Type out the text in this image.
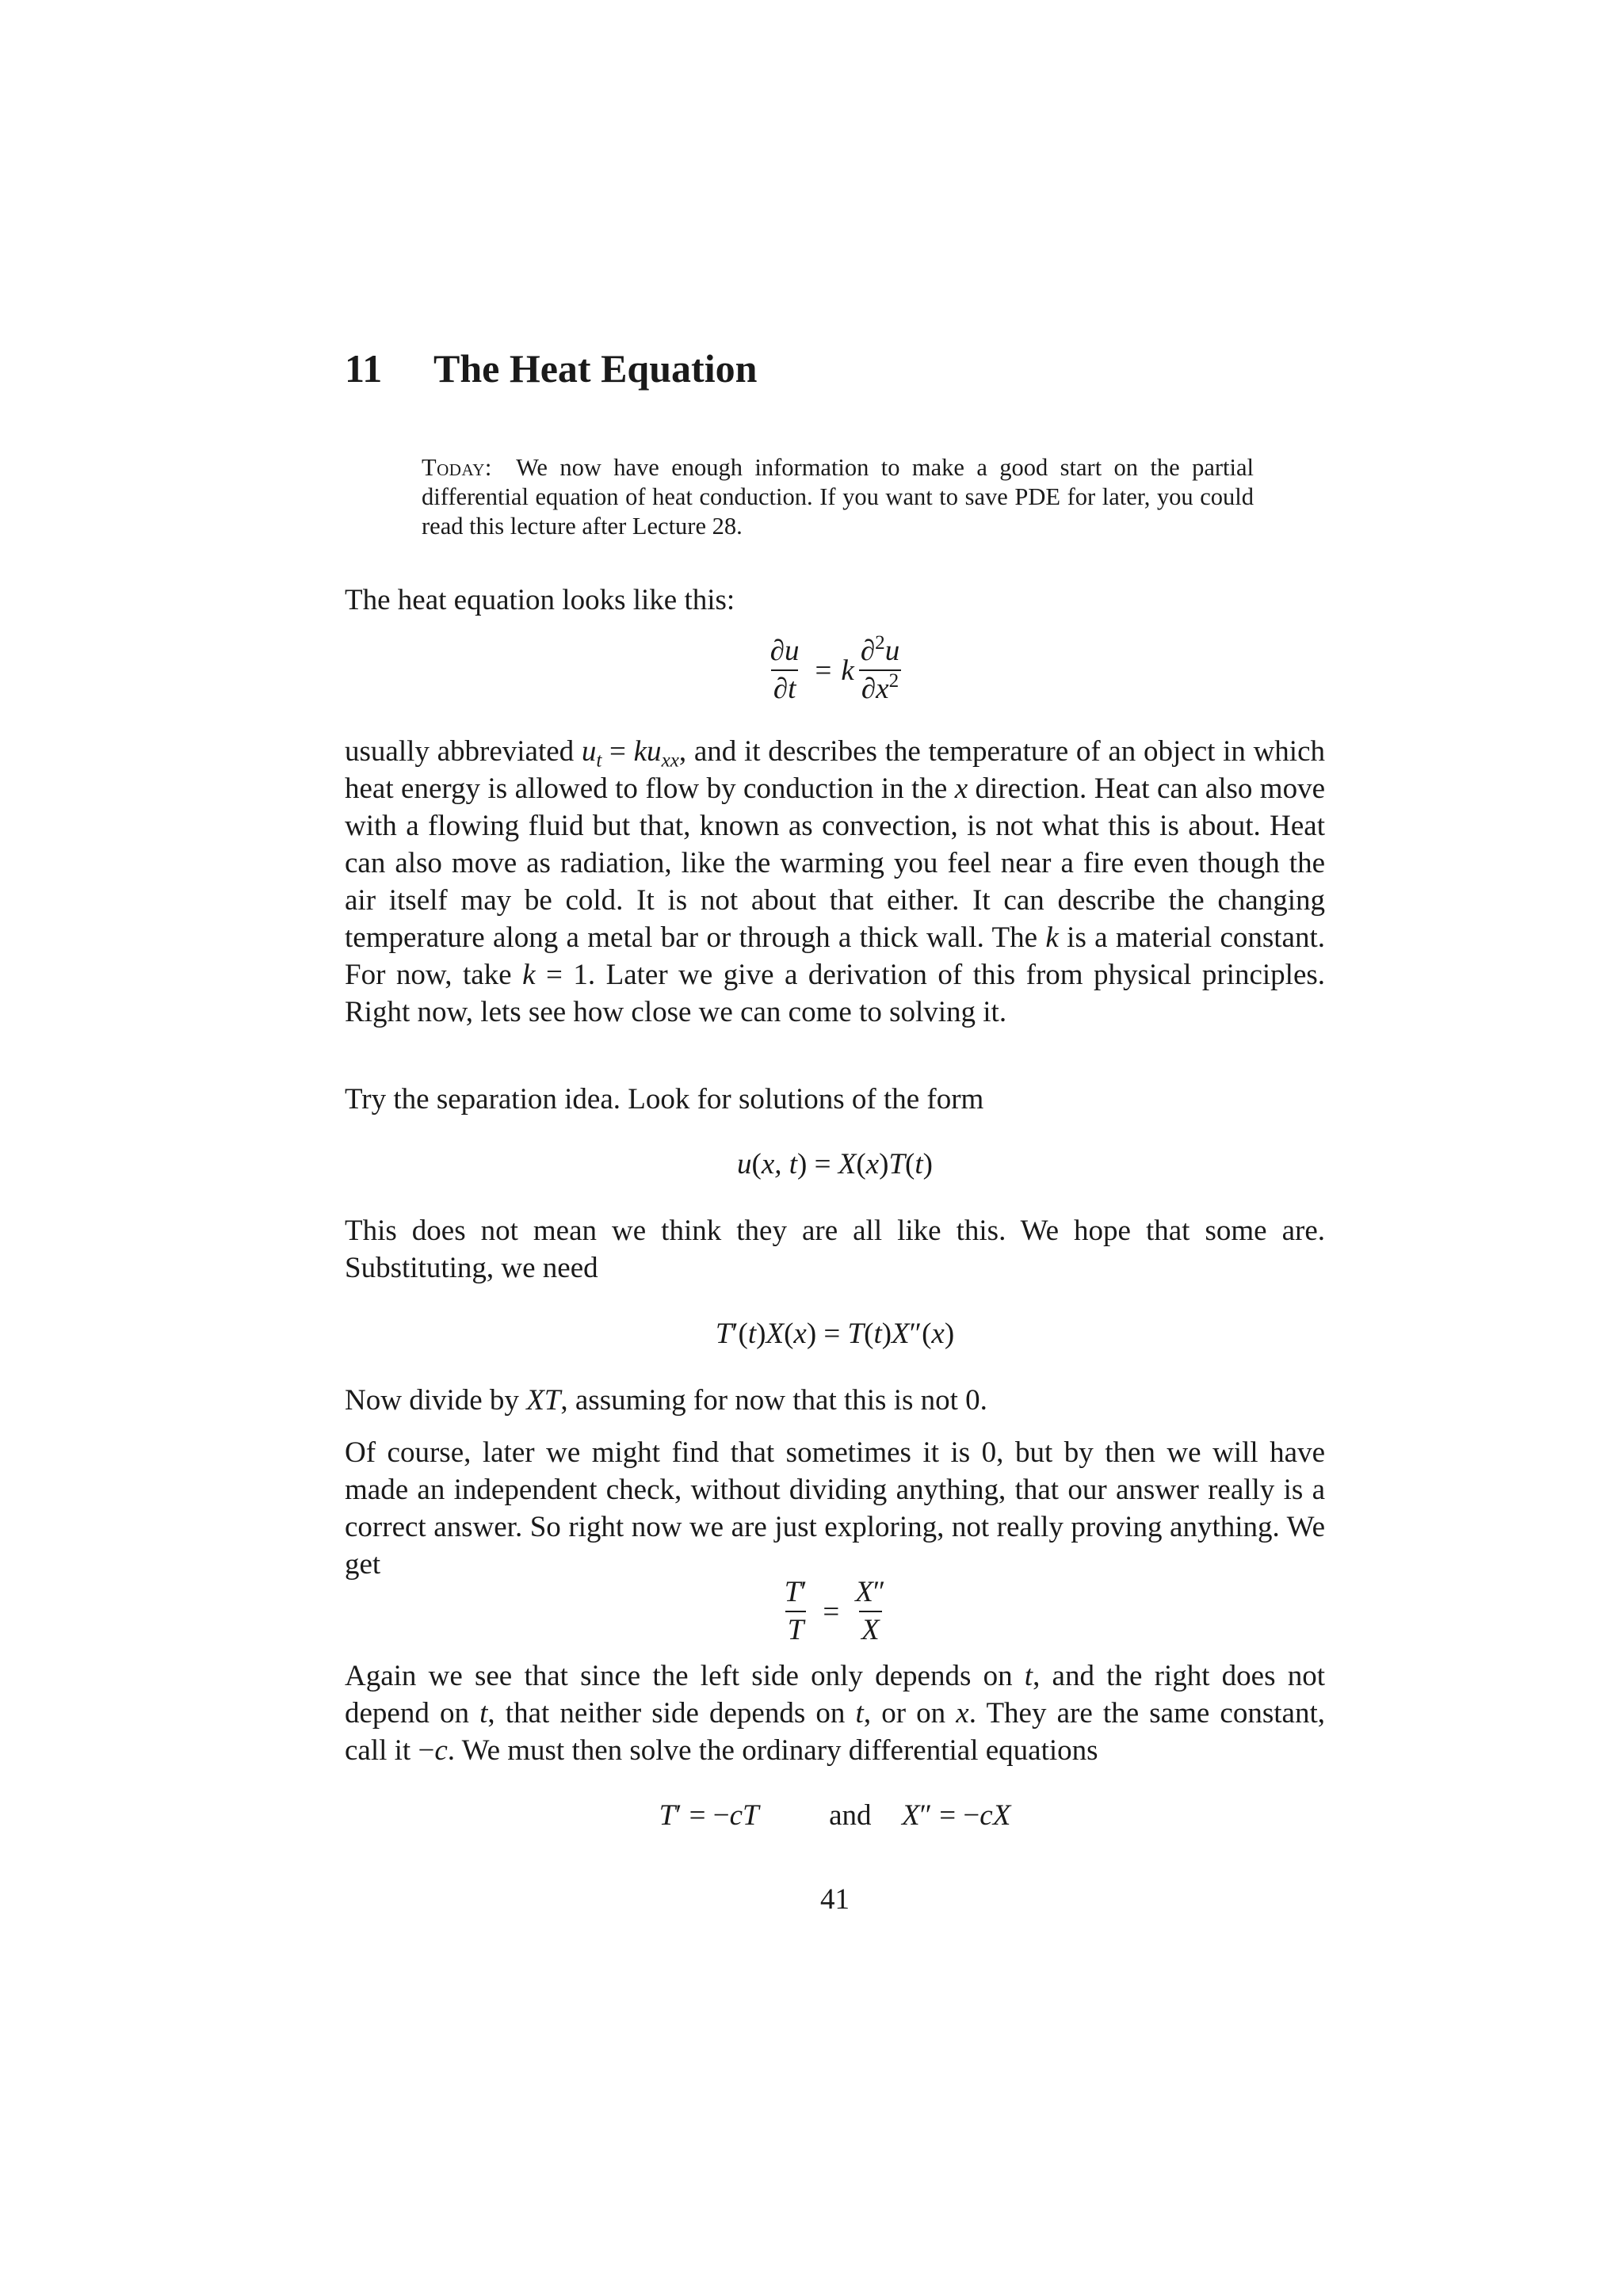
11 The Heat Equation
Today: We now have enough information to make a good start on the partial differential equation of heat conduction. If you want to save PDE for later, you could read this lecture after Lecture 28.

The heat equation looks like this:

$\frac{\partial u}{\partial t} = k \frac{\partial^2u}{\partial x^2}$

usually abbreviated $u_t = ku_{xx}$, and it describes the temperature of an object in which heat energy is allowed to flow by conduction in the x direction. Heat can also move with a flowing fluid but that, known as convection, is not what this is about. Heat can also move as radiation, like the warming you feel near a fire even though the air itself may be cold. It is not about that either. It can describe the changing temperature along a metal bar or through a thick wall. The k is a material constant. For now, take k = 1. Later we give a derivation of this from physical principles. Right now, lets see how close we can come to solving it.

Try the separation idea. Look for solutions of the form

u(x, t) = X(x)T(t)

This does not mean we think they are all like this. We hope that some are. Substituting, we need

T′(t)X(x) = T(t)X″(x)

Now divide by XT, assuming for now that this is not 0.

Of course, later we might find that sometimes it is 0, but by then we will have made an independent check, without dividing anything, that our answer really is a correct answer. So right now we are just exploring, not really proving anything. We get

$\frac{T'}{T} = \frac{X''}{X}$

Again we see that since the left side only depends on t, and the right does not depend on t, that neither side depends on t, or on x. They are the same constant, call it −c. We must then solve the ordinary differential equations

T′ = −cT and X″ = −cX
41
